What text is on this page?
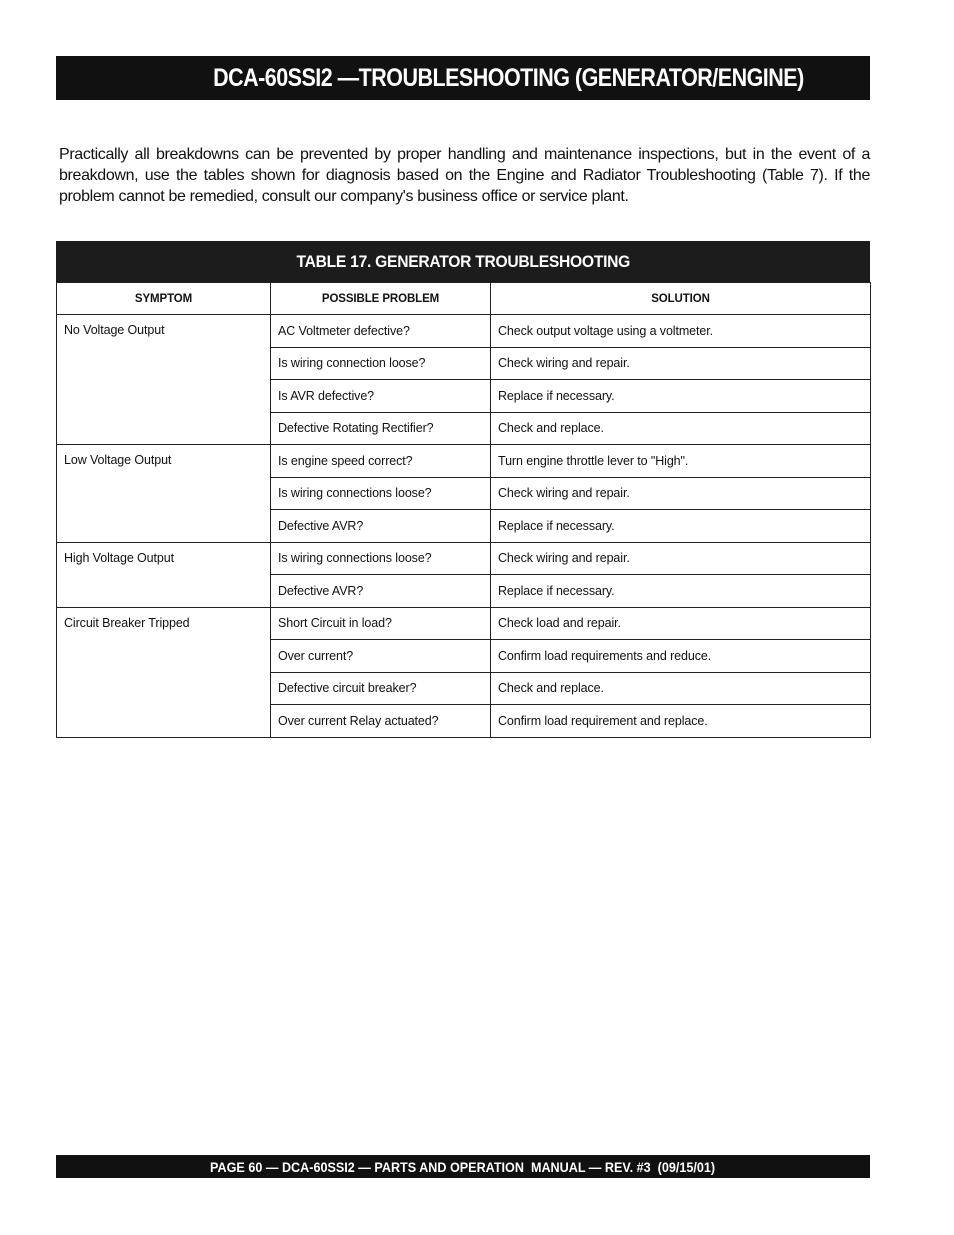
DCA-60SSI2 —TROUBLESHOOTING (GENERATOR/ENGINE)

Practically all breakdowns can be prevented by proper handling and maintenance inspections, but in the event of a breakdown, use the tables shown for diagnosis based on the Engine and Radiator Troubleshooting (Table 7). If the problem cannot be remedied, consult our company's business office or service plant.

TABLE 17. GENERATOR TROUBLESHOOTING
SYMPTOM	POSSIBLE PROBLEM	SOLUTION
No Voltage Output	AC Voltmeter defective?	Check output voltage using a voltmeter.
	Is wiring connection loose?	Check wiring and repair.
	Is AVR defective?	Replace if necessary.
	Defective Rotating Rectifier?	Check and replace.
Low Voltage Output	Is engine speed correct?	Turn engine throttle lever to "High".
	Is wiring connections loose?	Check wiring and repair.
	Defective AVR?	Replace if necessary.
High Voltage Output	Is wiring connections loose?	Check wiring and repair.
	Defective AVR?	Replace if necessary.
Circuit Breaker Tripped	Short Circuit in load?	Check load and repair.
	Over current?	Confirm load requirements and reduce.
	Defective circuit breaker?	Check and replace.
	Over current Relay actuated?	Confirm load requirement and replace.
PAGE 60 — DCA-60SSI2 — PARTS AND OPERATION  MANUAL — REV. #3  (09/15/01)
